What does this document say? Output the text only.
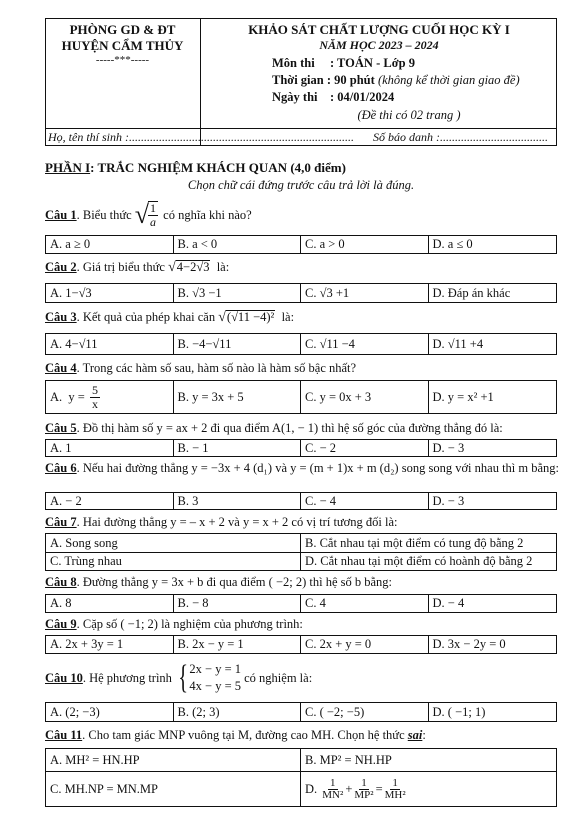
PHÒNG GD & ĐT
HUYỆN CẨM THỦY
-----***-----
KHẢO SÁT CHẤT LƯỢNG CUỐI HỌC KỲ I
NĂM HỌC 2023 – 2024
Môn thi : TOÁN - Lớp 9
Thời gian : 90 phút (không kể thời gian giao đề)
Ngày thi : 04/01/2024
(Đề thi có 02 trang )
Họ, tên thí sinh :........................................................................... Số báo danh :....................................
PHẦN I: TRẮC NGHIỆM KHÁCH QUAN (4,0 điểm)
Chọn chữ cái đứng trước câu trả lời là đúng.
Câu 1 . Biểu thức √ $\frac{1}{a}$ có nghĩa khi nào?
A. a ≥ 0	B. a < 0	C. a > 0	D. a ≤ 0
Câu 2. Giá trị biểu thức √4−2√3  là:
A. 1−√3	B. √3 −1	C. √3 +1	D. Đáp án khác
Câu 3. Kết quả của phép khai căn √(√11 −4)²  là:
A. 4−√11	B. −4−√11	C. √11 −4	D. √11 +4
Câu 4. Trong các hàm số sau, hàm số nào là hàm số bậc nhất?
A.  $y = \frac{5}{x}$	B. y = 3x + 5	C. y = 0x + 3	D. y = x² +1
Câu 5. Đồ thị hàm số y = ax + 2 đi qua điểm A(1, − 1) thì hệ số góc của đường thẳng đó là:
A. 1	B. − 1	C. − 2	D. − 3
Câu 6. Nếu hai đường thẳng y = −3x + 4 (d₁) và y = (m + 1)x + m (d₂) song song với nhau thì m bằng:
A. − 2	B. 3	C. − 4	D. − 3
Câu 7. Hai đường thẳng y = – x + 2 và y = x + 2 có vị trí tương đối là:
A. Song song	B. Cắt nhau tại một điểm có tung độ bằng 2
C. Trùng nhau	D. Cắt nhau tại một điểm có hoành độ bằng 2
Câu 8. Đường thẳng y = 3x + b đi qua điểm ( −2; 2) thì hệ số b bằng:
A. 8	B. − 8	C. 4	D. − 4
Câu 9. Cặp số ( −1; 2) là nghiệm của phương trình:
A. 2x + 3y = 1	B. 2x − y = 1	C. 2x + y = 0	D. 3x − 2y = 0
Câu 10 . Hệ phương trình { 2x − y = 1
4x − y = 5
có nghiệm là:
A. (2; −3)	B. (2; 3)	C. ( −2; −5)	D. ( −1; 1)
Câu 11. Cho tam giác MNP vuông tại M, đường cao MH. Chọn hệ thức sai:
A. MH² = HN.HP	B. MP² = NH.HP
C. MH.NP = MN.MP	D. $\frac{1}{\text{MN²}} + \frac{1}{\text{MP²}} = \frac{1}{\text{MH²}}$
